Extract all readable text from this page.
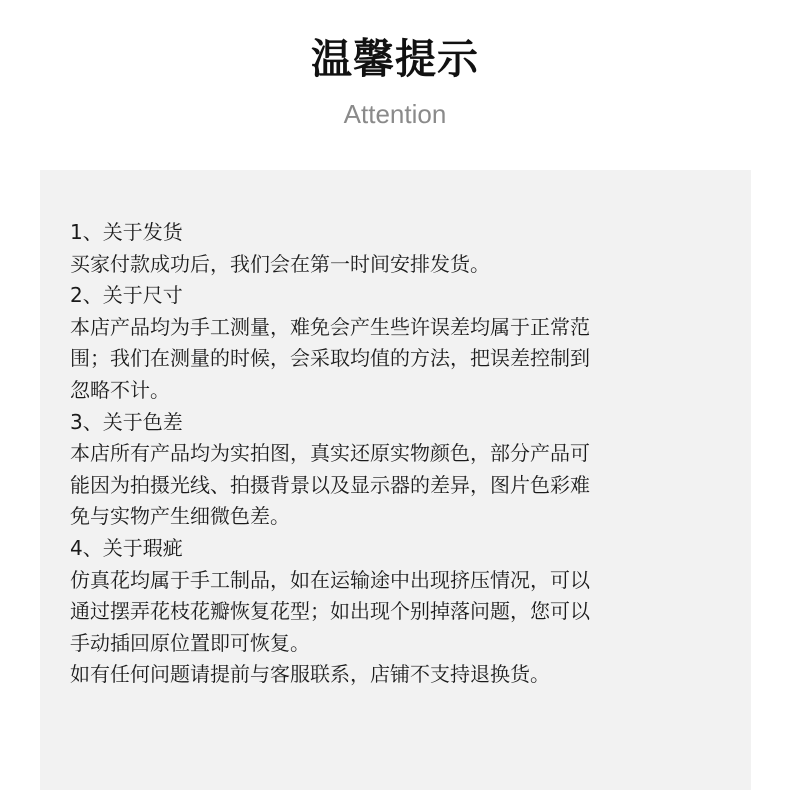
温馨提示
Attention
1、关于发货
买家付款成功后，我们会在第一时间安排发货。
2、关于尺寸
本店产品均为手工测量，难免会产生些许误差均属于正常范
围；我们在测量的时候，会采取均值的方法，把误差控制到
忽略不计。
3、关于色差
本店所有产品均为实拍图，真实还原实物颜色，部分产品可
能因为拍摄光线、拍摄背景以及显示器的差异，图片色彩难
免与实物产生细微色差。
4、关于瑕疵
仿真花均属于手工制品，如在运输途中出现挤压情况，可以
通过摆弄花枝花瓣恢复花型；如出现个别掉落问题，您可以
手动插回原位置即可恢复。
如有任何问题请提前与客服联系，店铺不支持退换货。
